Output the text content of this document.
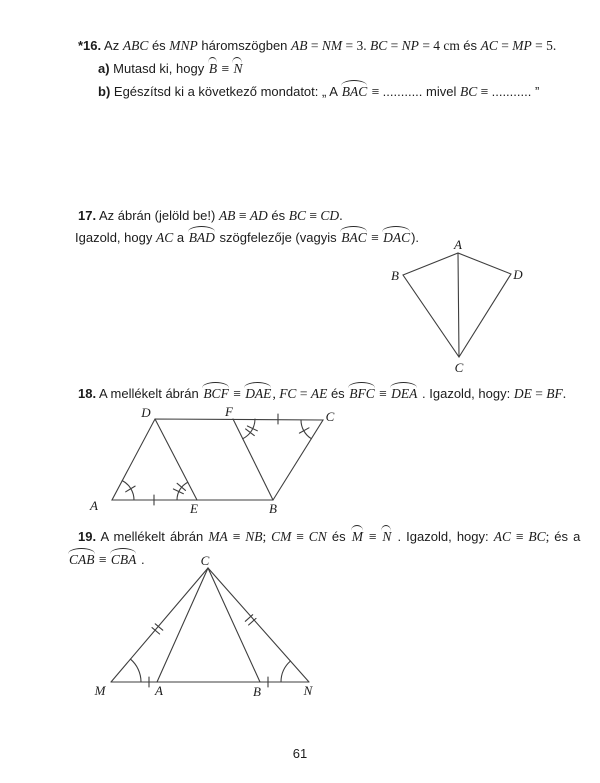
*16. Az ABC és MNP háromszögben AB = NM = 3. BC = NP = 4 cm és AC = MP = 5.
a) Mutasd ki, hogy B ≡ N
b) Egészítsd ki a következő mondatot: „ A BAC ≡ ........... mivel BC ≡ ........... ”
17. Az ábrán (jelöld be!) AB ≡ AD és BC ≡ CD.
Igazold, hogy AC a BAD szögfelezője (vagyis BAC ≡ DAC).	A
B	D
C
18. A mellékelt ábrán BCF ≡ DAE, FC = AE és BFC ≡ DEA . Igazold, hogy: DE = BF.
D	F	C
A	E	B
19. A mellékelt ábrán MA ≡ NB; CM ≡ CN és M ≡ N . Igazold, hogy: AC ≡ BC; és a
CAB ≡ CBA .	C
M	A	B	N
61
